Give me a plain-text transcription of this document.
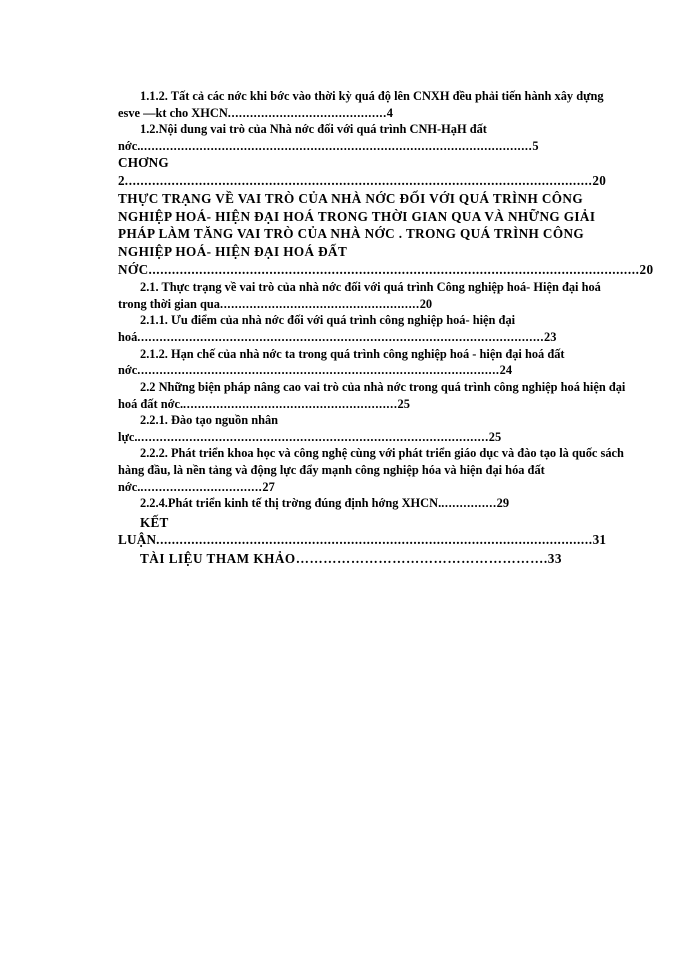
1.1.2. Tất cả các nớc khi bớc vào thời kỳ quá độ lên CNXH đều phải tiến hành xây dựng esve —kt cho XHCN...........................................4

1.2.Nội dung vai trò của Nhà nớc đối với quá trình CNH-HạH đất nớc...........................................................................................................5

CHƠNG 2........................................................................................................................20

THỰC TRẠNG VỀ VAI TRÒ CỦA NHÀ NỚC ĐỐI VỚI QUÁ TRÌNH CÔNG NGHIỆP HOÁ- HIỆN ĐẠI HOÁ TRONG THỜI GIAN QUA VÀ NHỮNG GIẢI PHÁP LÀM TĂNG VAI TRÒ CỦA NHÀ NỚC . TRONG QUÁ TRÌNH CÔNG NGHIỆP HOÁ- HIỆN ĐẠI HOÁ ĐẤT NỚC..............................................................................................................................20

2.1. Thực trạng về vai trò của nhà nớc đối với quá trình Công nghiệp hoá- Hiện đại hoá trong thời gian qua......................................................20

2.1.1. Ưu điểm của nhà nớc đối với quá trình công nghiệp hoá- hiện đại hoá..............................................................................................................23

2.1.2. Hạn chế của nhà nớc ta trong quá trình công nghiệp hoá - hiện đại hoá đất nớc..................................................................................................24

2.2 Những biện pháp nâng cao vai trò của nhà nớc trong quá trình công nghiệp hoá hiện đại hoá đất nớc...........................................................25

2.2.1. Đào tạo nguồn nhân lực................................................................................................25

2.2.2. Phát triển khoa học và công nghệ cùng với phát triển giáo dục và đào tạo là quốc sách hàng đầu, là nền tảng và động lực đẩy mạnh công nghiệp hóa và hiện đại hóa đất nớc..................................27

2.2.4.Phát triển kinh tế thị trờng đúng định hớng XHCN................29

KẾT LUẬN................................................................................................................31

TÀI LIỆU THAM KHẢO……………………………………………….33
